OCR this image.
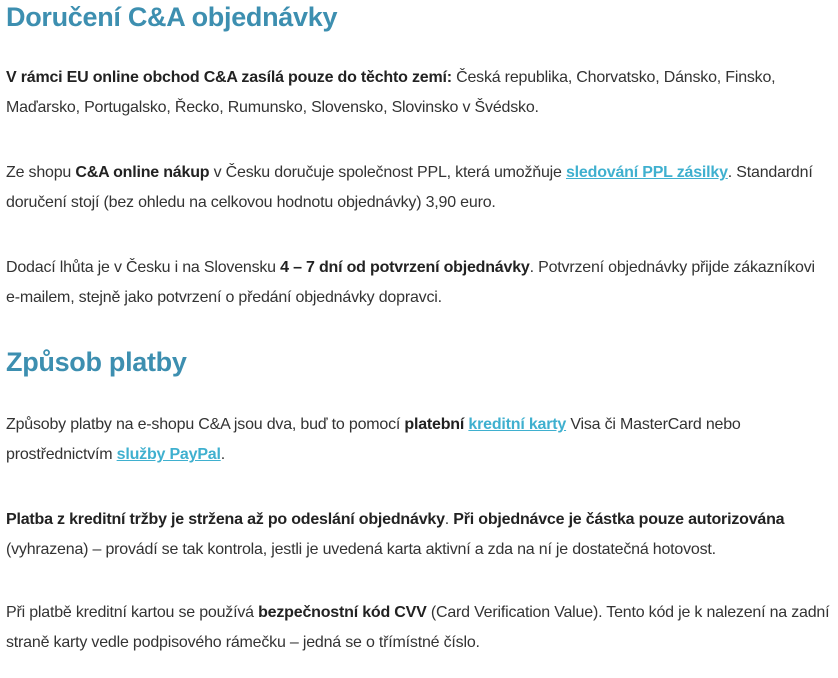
Doručení C&A objednávky

V rámci EU online obchod C&A zasílá pouze do těchto zemí: Česká republika, Chorvatsko, Dánsko, Finsko, Maďarsko, Portugalsko, Řecko, Rumunsko, Slovensko, Slovinsko v Švédsko.

Ze shopu C&A online nákup v Česku doručuje společnost PPL, která umožňuje sledování PPL zásilky. Standardní doručení stojí (bez ohledu na celkovou hodnotu objednávky) 3,90 euro.

Dodací lhůta je v Česku i na Slovensku 4 – 7 dní od potvrzení objednávky. Potvrzení objednávky přijde zákazníkovi e-mailem, stejně jako potvrzení o předání objednávky dopravci.

Způsob platby

Způsoby platby na e-shopu C&A jsou dva, buď to pomocí platební kreditní karty Visa či MasterCard nebo prostřednictvím služby PayPal.

Platba z kreditní tržby je stržena až po odeslání objednávky. Při objednávce je částka pouze autorizována (vyhrazena) – provádí se tak kontrola, jestli je uvedená karta aktivní a zda na ní je dostatečná hotovost.

Při platbě kreditní kartou se používá bezpečnostní kód CVV (Card Verification Value). Tento kód je k nalezení na zadní straně karty vedle podpisového rámečku – jedná se o třímístné číslo.
